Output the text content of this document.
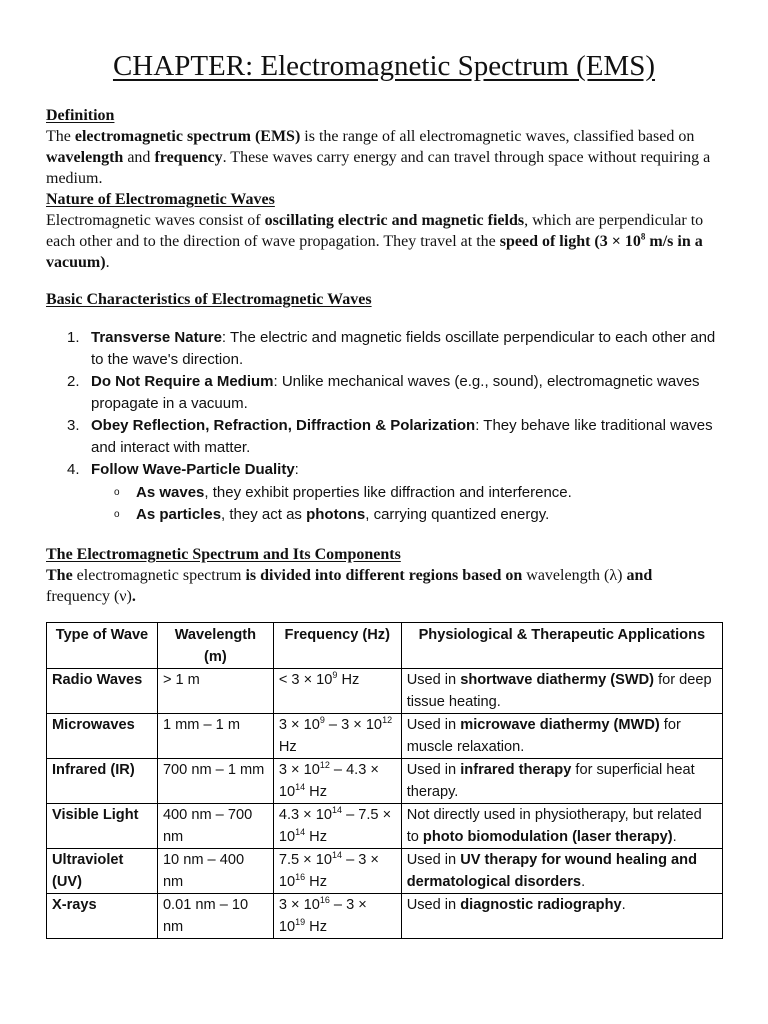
CHAPTER: Electromagnetic Spectrum (EMS)
Definition

The electromagnetic spectrum (EMS) is the range of all electromagnetic waves, classified based on wavelength and frequency. These waves carry energy and can travel through space without requiring a medium.

Nature of Electromagnetic Waves

Electromagnetic waves consist of oscillating electric and magnetic fields, which are perpendicular to each other and to the direction of wave propagation. They travel at the speed of light ($3 \times 10^8$ m/s in a vacuum).

Basic Characteristics of Electromagnetic Waves
1. Transverse Nature: The electric and magnetic fields oscillate perpendicular to each other and to the wave's direction.
2. Do Not Require a Medium: Unlike mechanical waves (e.g., sound), electromagnetic waves propagate in a vacuum.
3. Obey Reflection, Refraction, Diffraction & Polarization: They behave like traditional waves and interact with matter.
4. Follow Wave-Particle Duality:
o As waves, they exhibit properties like diffraction and interference.
o As particles, they act as photons, carrying quantized energy.
The Electromagnetic Spectrum and Its Components

The electromagnetic spectrum is divided into different regions based on wavelength (λ) and frequency (ν).

Type of Wave	Wavelength (m)	Frequency (Hz)	Physiological & Therapeutic Applications
Radio Waves	> 1 m	< $3 \times 10^9$ Hz	Used in shortwave diathermy (SWD) for deep tissue heating.
Microwaves	1 mm – 1 m	$3 \times 10^9 - 3 \times 10^{12}$ Hz	Used in microwave diathermy (MWD) for muscle relaxation.
Infrared (IR)	700 nm – 1 mm	$3 \times 10^{12} - 4.3 \times 10^{14}$ Hz	Used in infrared therapy for superficial heat therapy.
Visible Light	400 nm – 700 nm	$4.3 \times 10^{14} - 7.5 \times 10^{14}$ Hz	Not directly used in physiotherapy, but related to photo biomodulation (laser therapy).
Ultraviolet (UV)	10 nm – 400 nm	$7.5 \times 10^{14} - 3 \times 10^{16}$ Hz	Used in UV therapy for wound healing and dermatological disorders.
X-rays	0.01 nm – 10 nm	$3 \times 10^{16} - 3 \times 10^{19}$ Hz	Used in diagnostic radiography.
